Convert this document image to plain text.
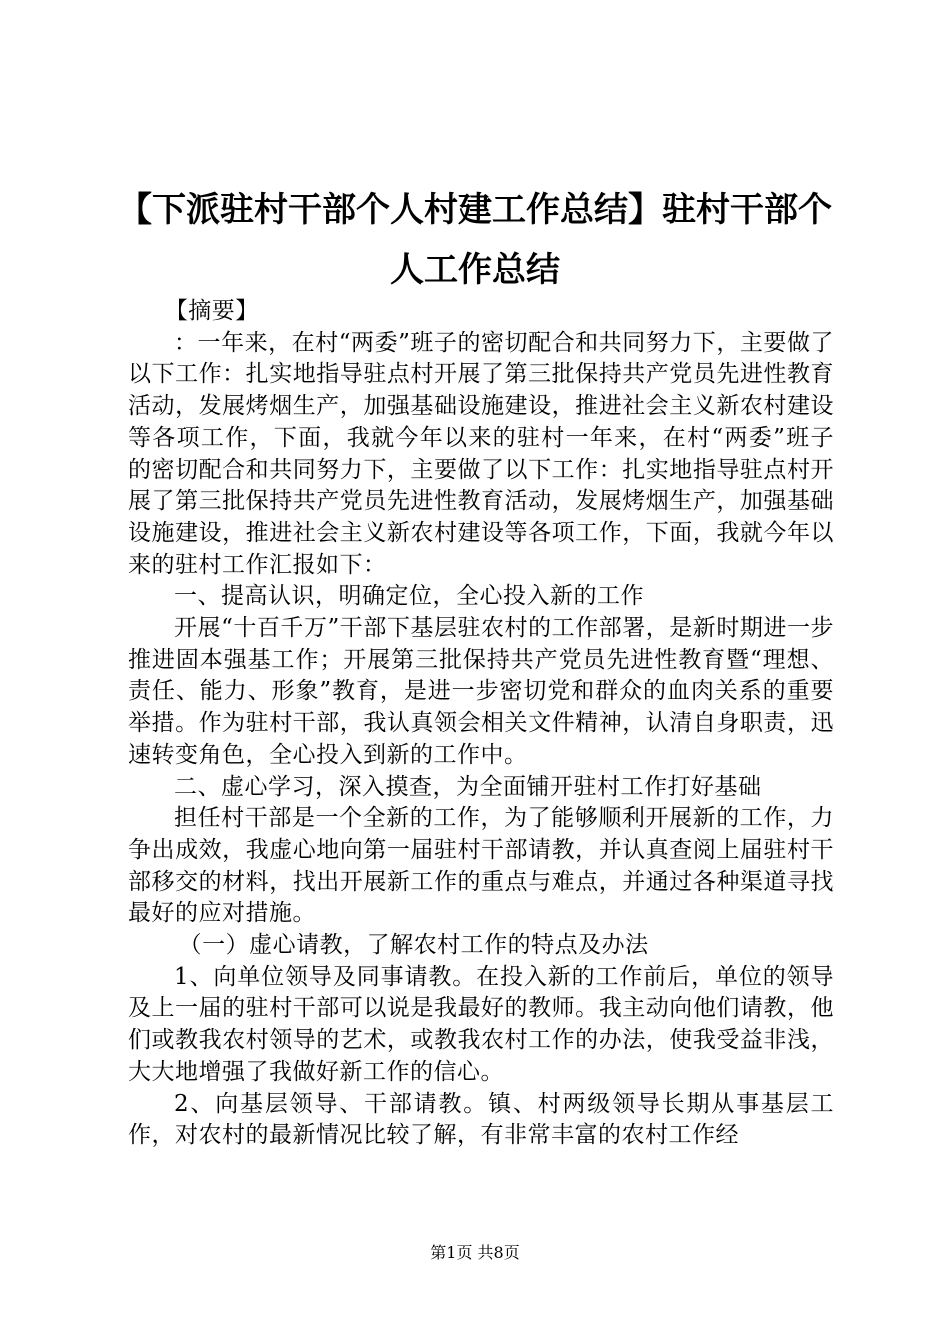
【下派驻村干部个人村建工作总结】驻村干部个人工作总结

【摘要】

：一年来，在村“两委”班子的密切配合和共同努力下，主要做了以下工作：扎实地指导驻点村开展了第三批保持共产党员先进性教育活动，发展烤烟生产，加强基础设施建设，推进社会主义新农村建设等各项工作，下面，我就今年以来的驻村一年来，在村“两委”班子的密切配合和共同努力下，主要做了以下工作：扎实地指导驻点村开展了第三批保持共产党员先进性教育活动，发展烤烟生产，加强基础设施建设，推进社会主义新农村建设等各项工作，下面，我就今年以来的驻村工作汇报如下：

一、提高认识，明确定位，全心投入新的工作

开展“十百千万”干部下基层驻农村的工作部署，是新时期进一步推进固本强基工作；开展第三批保持共产党员先进性教育暨“理想、责任、能力、形象”教育，是进一步密切党和群众的血肉关系的重要举措。作为驻村干部，我认真领会相关文件精神，认清自身职责，迅速转变角色，全心投入到新的工作中。

二、虚心学习，深入摸查，为全面铺开驻村工作打好基础

担任村干部是一个全新的工作，为了能够顺利开展新的工作，力争出成效，我虚心地向第一届驻村干部请教，并认真查阅上届驻村干部移交的材料，找出开展新工作的重点与难点，并通过各种渠道寻找最好的应对措施。

（一）虚心请教，了解农村工作的特点及办法

1、向单位领导及同事请教。在投入新的工作前后，单位的领导及上一届的驻村干部可以说是我最好的教师。我主动向他们请教，他们或教我农村领导的艺术，或教我农村工作的办法，使我受益非浅，大大地增强了我做好新工作的信心。

2、向基层领导、干部请教。镇、村两级领导长期从事基层工作，对农村的最新情况比较了解，有非常丰富的农村工作经

第1页 共8页
